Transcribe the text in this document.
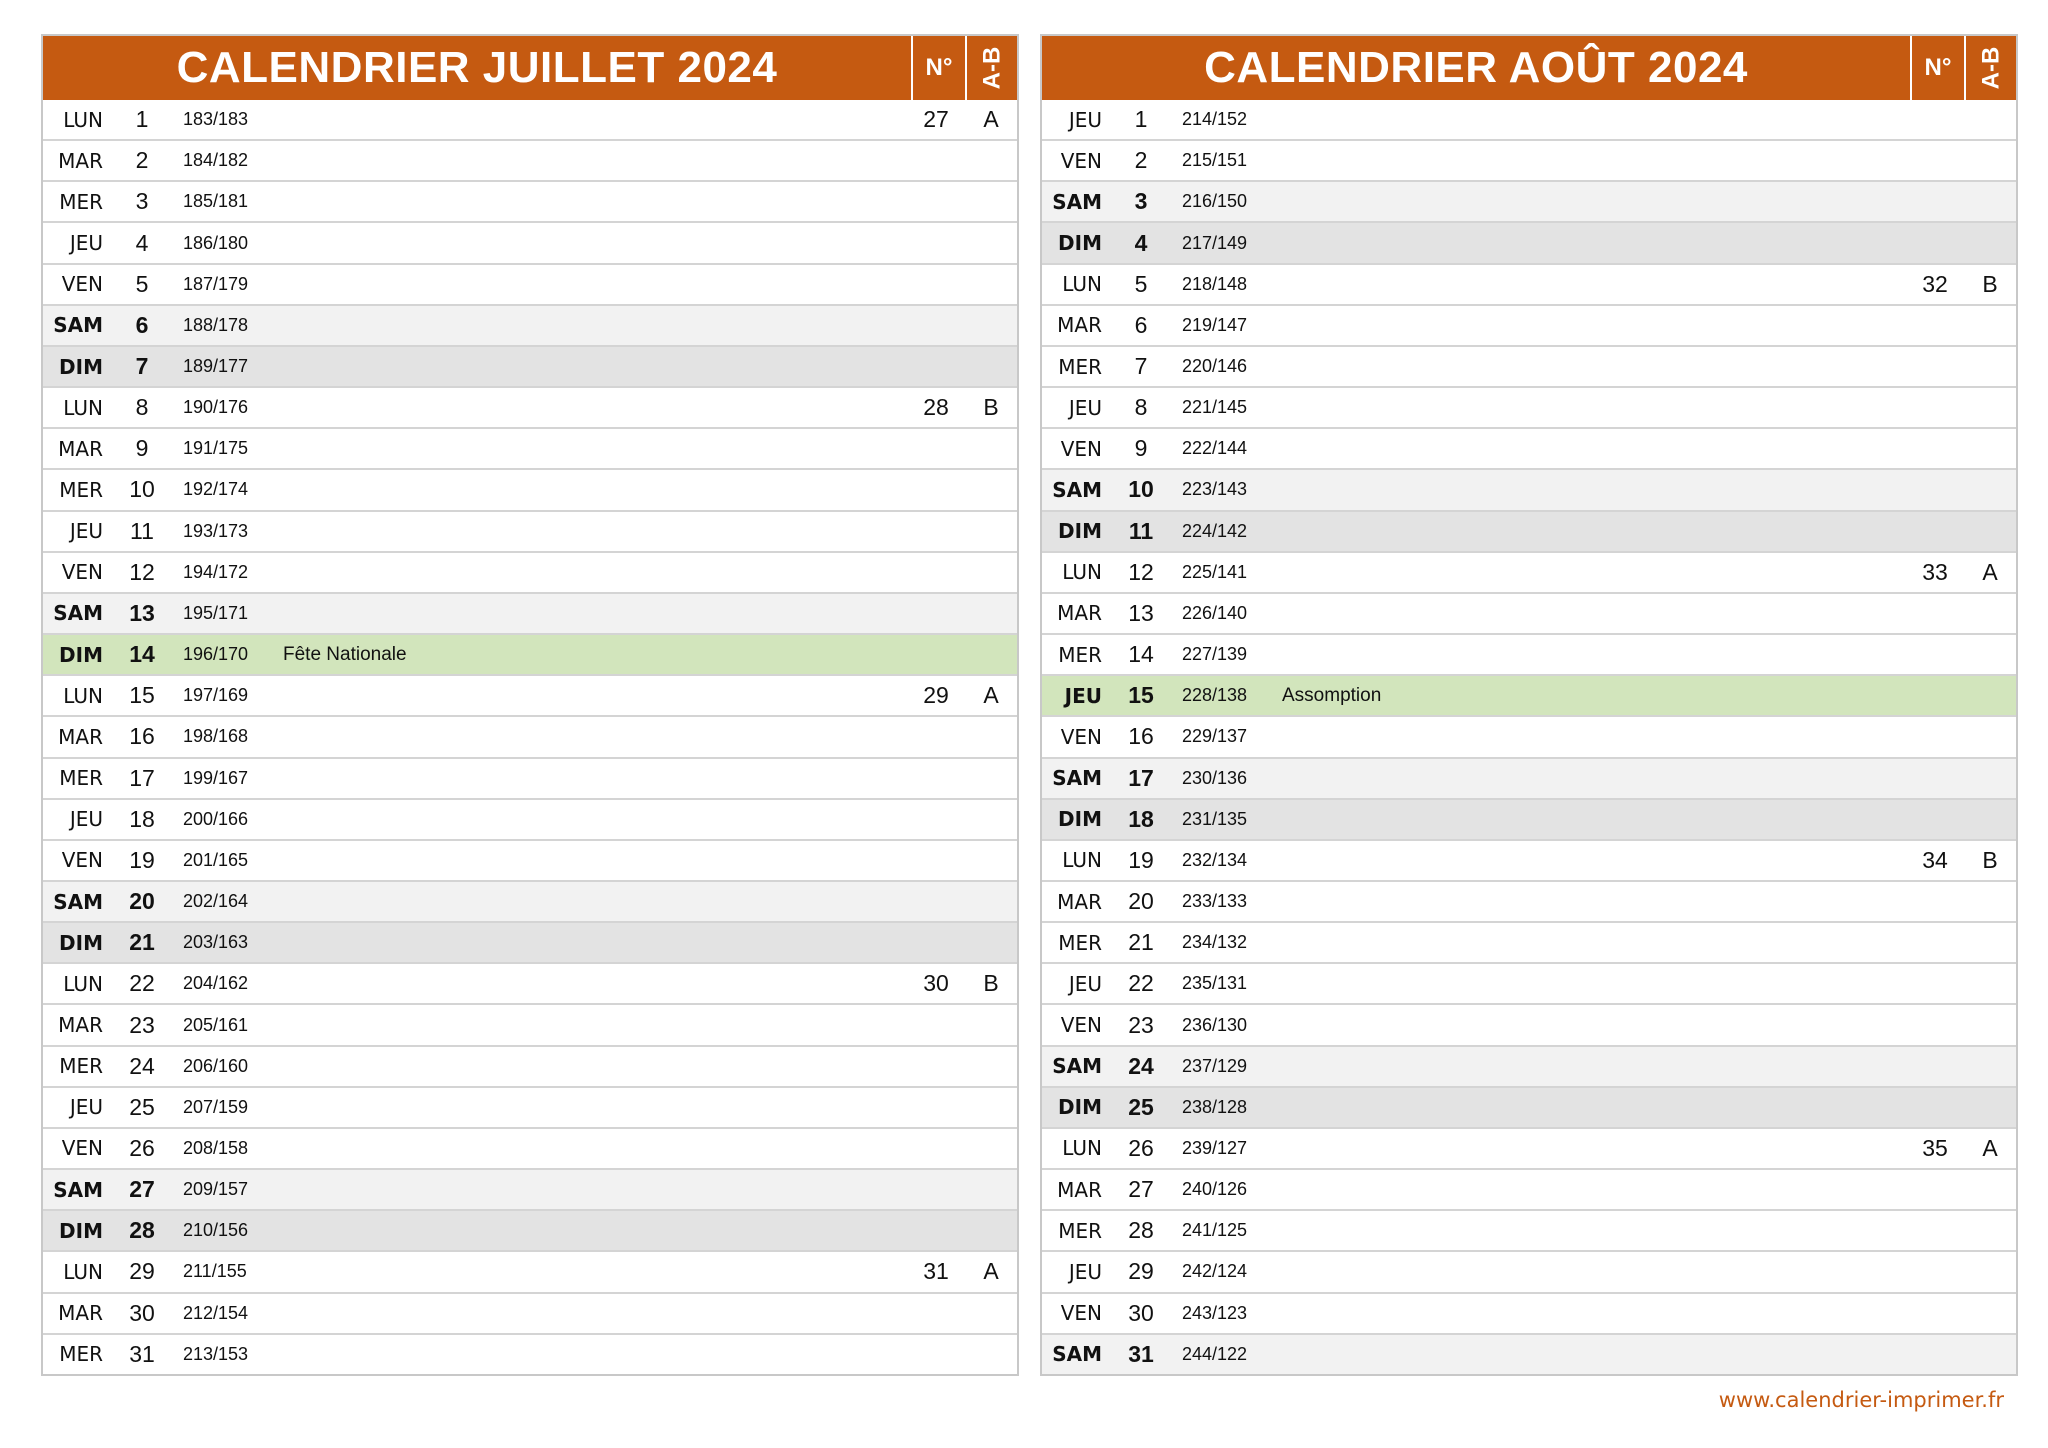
CALENDRIER JUILLET 2024	N°	A-B
LUN	1	183/183	27	A
MAR	2	184/182
MER	3	185/181
JEU	4	186/180
VEN	5	187/179
SAM	6	188/178
DIM	7	189/177
LUN	8	190/176	28	B
MAR	9	191/175
MER	10	192/174
JEU	11	193/173
VEN	12	194/172
SAM	13	195/171
DIM	14	196/170	Fête Nationale
LUN	15	197/169	29	A
MAR	16	198/168
MER	17	199/167
JEU	18	200/166
VEN	19	201/165
SAM	20	202/164
DIM	21	203/163
LUN	22	204/162	30	B
MAR	23	205/161
MER	24	206/160
JEU	25	207/159
VEN	26	208/158
SAM	27	209/157
DIM	28	210/156
LUN	29	211/155	31	A
MAR	30	212/154
MER	31	213/153
CALENDRIER AOÛT 2024	N°	A-B
JEU	1	214/152
VEN	2	215/151
SAM	3	216/150
DIM	4	217/149
LUN	5	218/148	32	B
MAR	6	219/147
MER	7	220/146
JEU	8	221/145
VEN	9	222/144
SAM	10	223/143
DIM	11	224/142
LUN	12	225/141	33	A
MAR	13	226/140
MER	14	227/139
JEU	15	228/138	Assomption
VEN	16	229/137
SAM	17	230/136
DIM	18	231/135
LUN	19	232/134	34	B
MAR	20	233/133
MER	21	234/132
JEU	22	235/131
VEN	23	236/130
SAM	24	237/129
DIM	25	238/128
LUN	26	239/127	35	A
MAR	27	240/126
MER	28	241/125
JEU	29	242/124
VEN	30	243/123
SAM	31	244/122
www.calendrier-imprimer.fr
